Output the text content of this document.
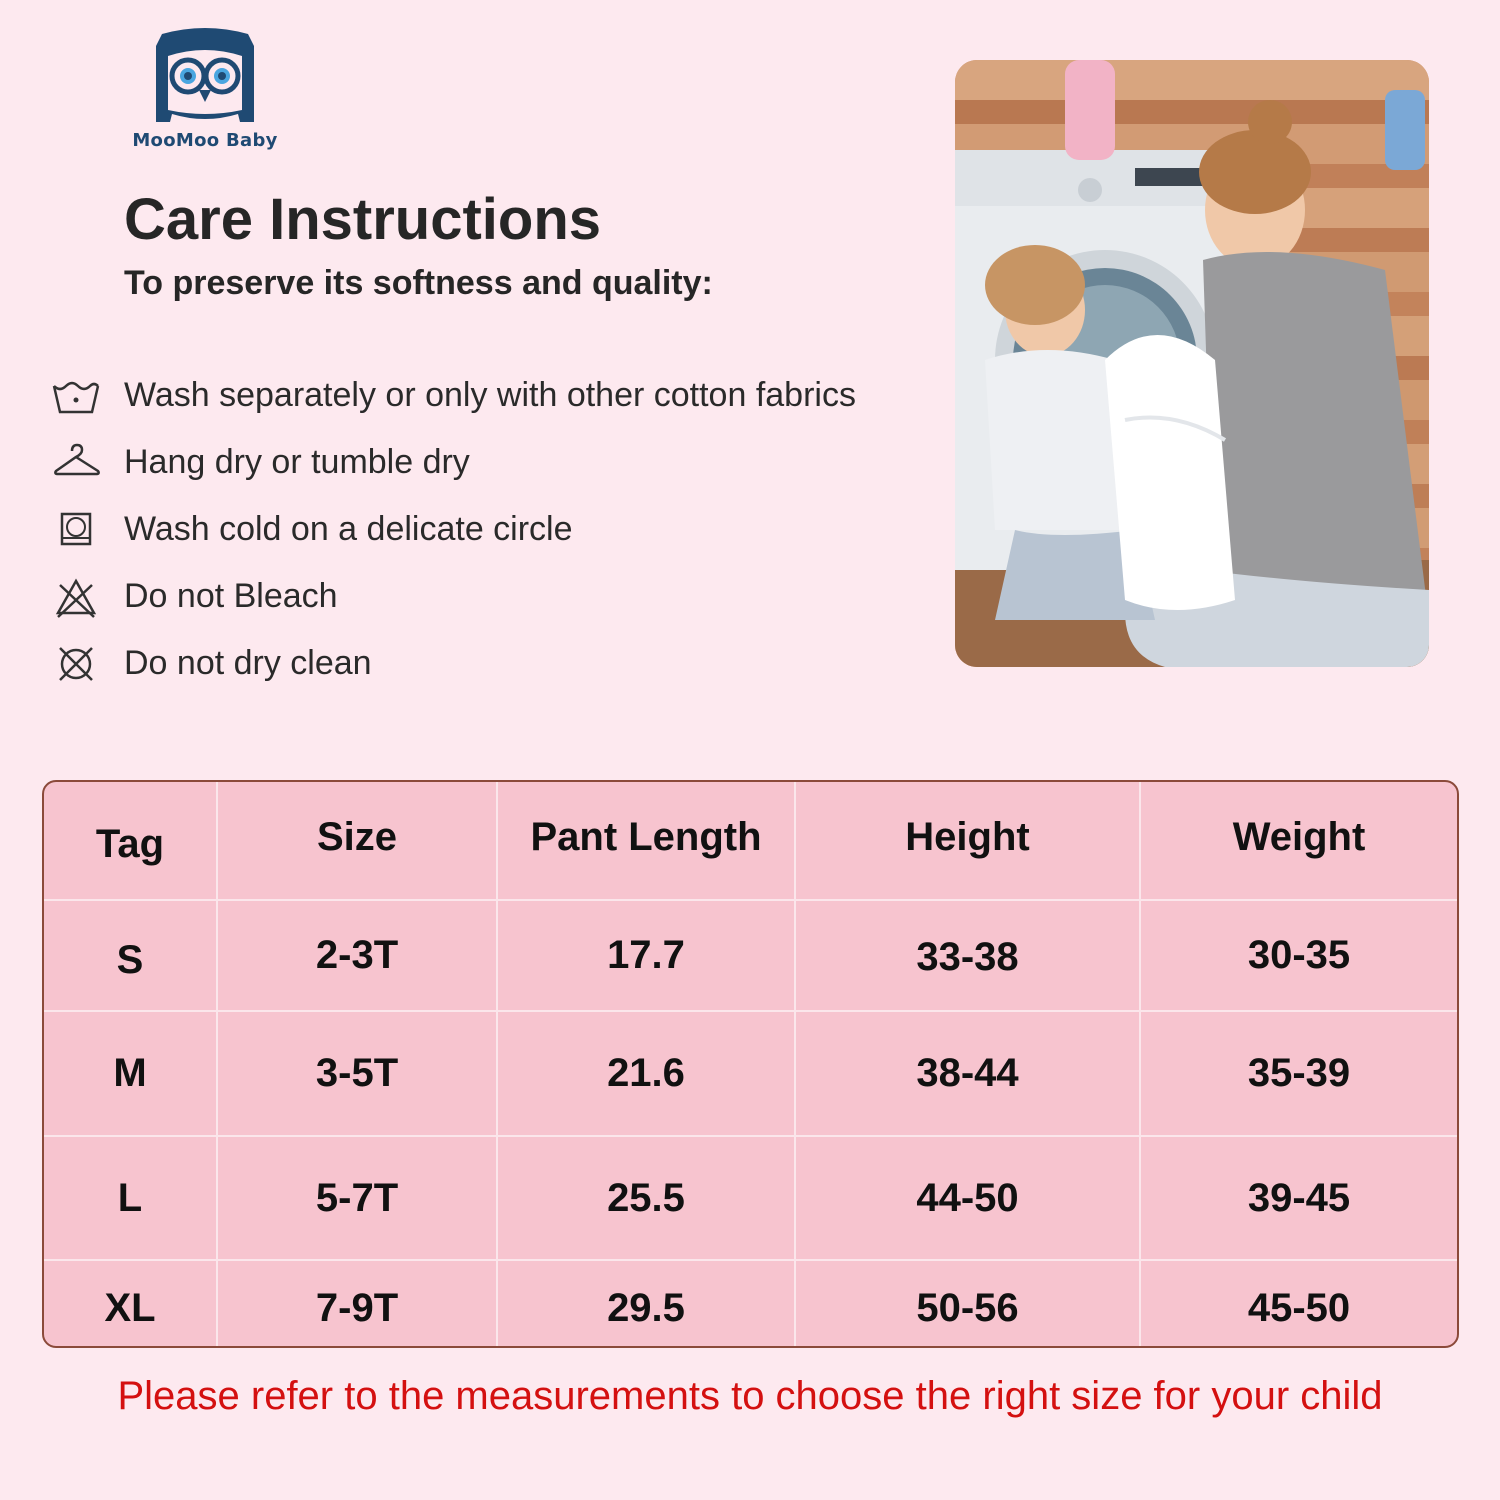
MooMoo Baby
Care Instructions
To preserve its softness and quality:
Wash separately or only with other cotton fabrics
Hang dry or tumble dry
Wash cold on a delicate circle
Do not Bleach
Do not dry clean
Tag	Size	Pant Length	Height	Weight
S	2-3T	17.7	33-38	30-35
M	3-5T	21.6	38-44	35-39
L	5-7T	25.5	44-50	39-45
XL	7-9T	29.5	50-56	45-50
Please refer to the measurements to choose the right size for your child
